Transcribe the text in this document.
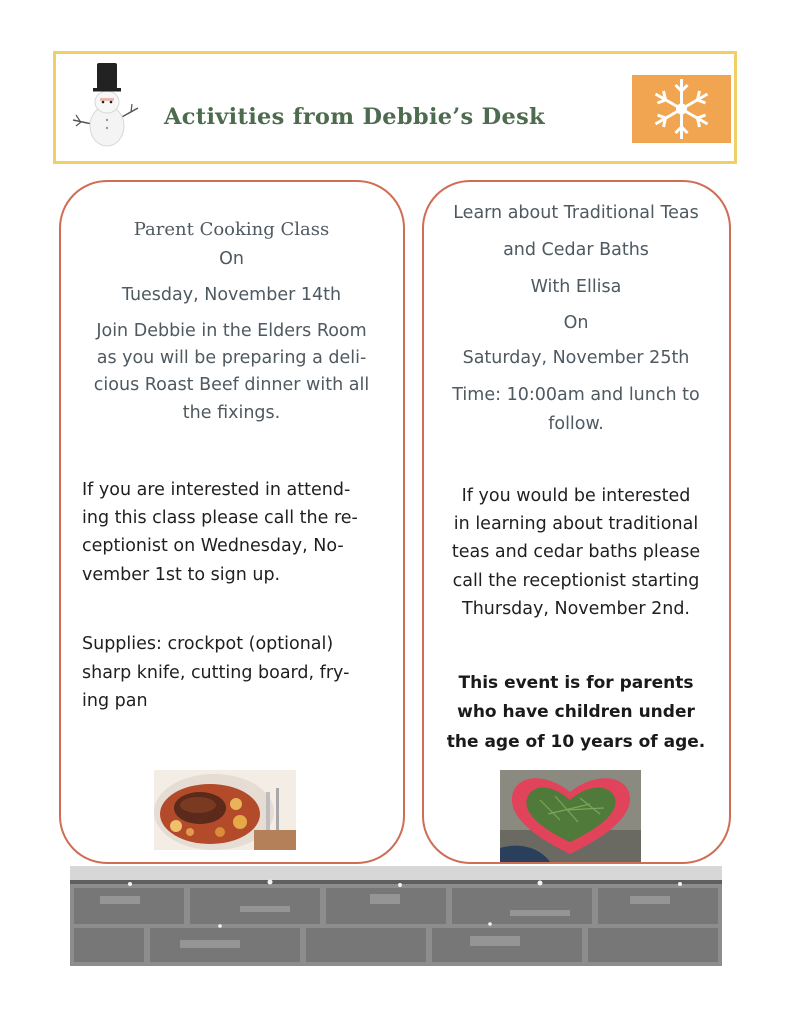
Activities from Debbie’s Desk
Parent Cooking Class
On
Tuesday, November 14th
Join Debbie in the Elders Room
as you will be preparing a deli-
cious Roast Beef dinner with all
the fixings.
If you are interested in attend-
ing this class please call the re-
ceptionist on Wednesday, No-
vember 1st to sign up.
Supplies: crockpot (optional)
sharp knife, cutting board, fry-
ing pan
Learn about Traditional Teas
and Cedar Baths
With Ellisa
On
Saturday, November 25th
Time: 10:00am and lunch to
follow.
If you would be interested
in learning about traditional
teas and cedar baths please
call the receptionist starting
Thursday, November 2nd.
This event is for parents
who have children under
the age of 10 years of age.
